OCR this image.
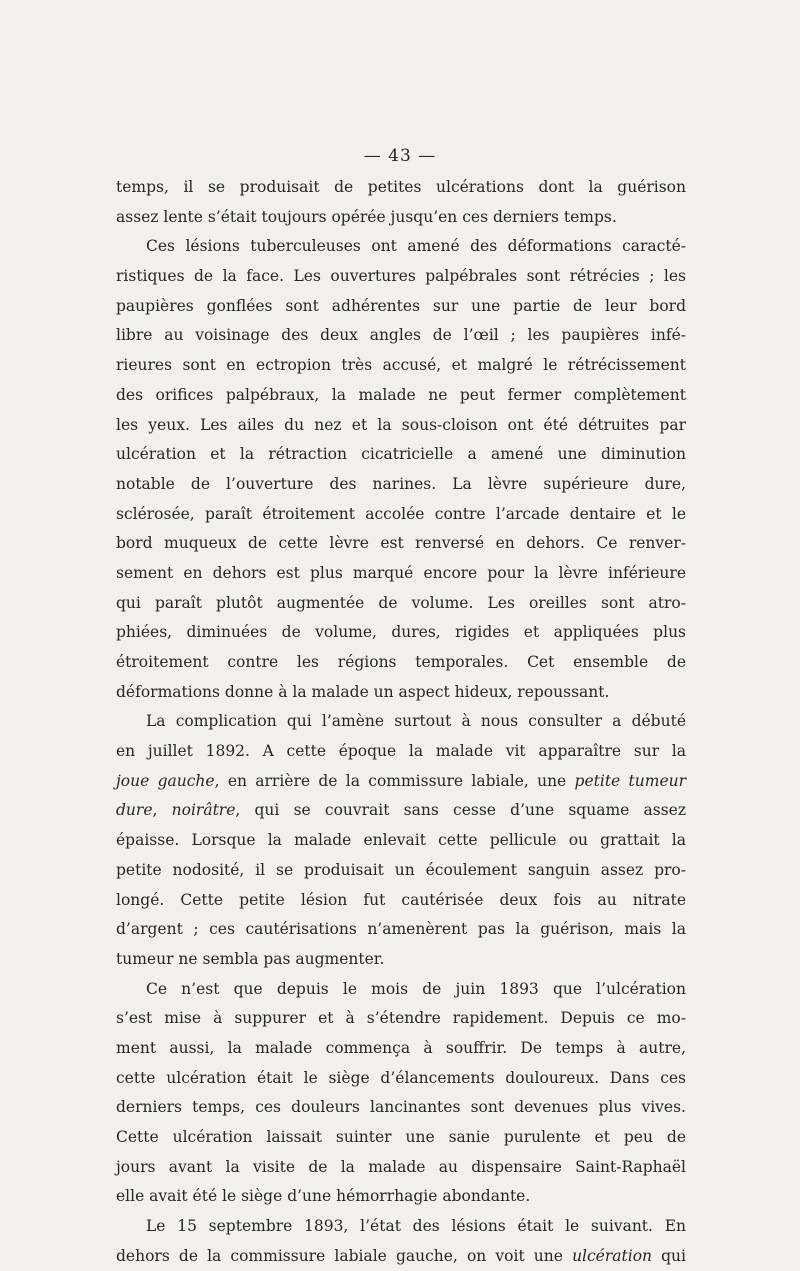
— 43 —
temps, il se produisait de petites ulcérations dont la guérison
assez lente s’était toujours opérée jusqu’en ces derniers temps.
Ces lésions tuberculeuses ont amené des déformations caracté-
ristiques de la face. Les ouvertures palpébrales sont rétrécies ; les
paupières gonflées sont adhérentes sur une partie de leur bord
libre au voisinage des deux angles de l’œil ; les paupières infé-
rieures sont en ectropion très accusé, et malgré le rétrécissement
des orifices palpébraux, la malade ne peut fermer complètement
les yeux. Les ailes du nez et la sous-cloison ont été détruites par
ulcération et la rétraction cicatricielle a amené une diminution
notable de l’ouverture des narines. La lèvre supérieure dure,
sclérosée, paraît étroitement accolée contre l’arcade dentaire et le
bord muqueux de cette lèvre est renversé en dehors. Ce renver-
sement en dehors est plus marqué encore pour la lèvre inférieure
qui paraît plutôt augmentée de volume. Les oreilles sont atro-
phiées, diminuées de volume, dures, rigides et appliquées plus
étroitement contre les régions temporales. Cet ensemble de
déformations donne à la malade un aspect hideux, repoussant.
La complication qui l’amène surtout à nous consulter a débuté
en juillet 1892. A cette époque la malade vit apparaître sur la
joue gauche, en arrière de la commissure labiale, une petite tumeur
dure, noirâtre, qui se couvrait sans cesse d’une squame assez
épaisse. Lorsque la malade enlevait cette pellicule ou grattait la
petite nodosité, il se produisait un écoulement sanguin assez pro-
longé. Cette petite lésion fut cautérisée deux fois au nitrate
d’argent ; ces cautérisations n’amenèrent pas la guérison, mais la
tumeur ne sembla pas augmenter.
Ce n’est que depuis le mois de juin 1893 que l’ulcération
s’est mise à suppurer et à s’étendre rapidement. Depuis ce mo-
ment aussi, la malade commença à souffrir. De temps à autre,
cette ulcération était le siège d’élancements douloureux. Dans ces
derniers temps, ces douleurs lancinantes sont devenues plus vives.
Cette ulcération laissait suinter une sanie purulente et peu de
jours avant la visite de la malade au dispensaire Saint-Raphaël
elle avait été le siège d’une hémorrhagie abondante.
Le 15 septembre 1893, l’état des lésions était le suivant. En
dehors de la commissure labiale gauche, on voit une ulcération qui
